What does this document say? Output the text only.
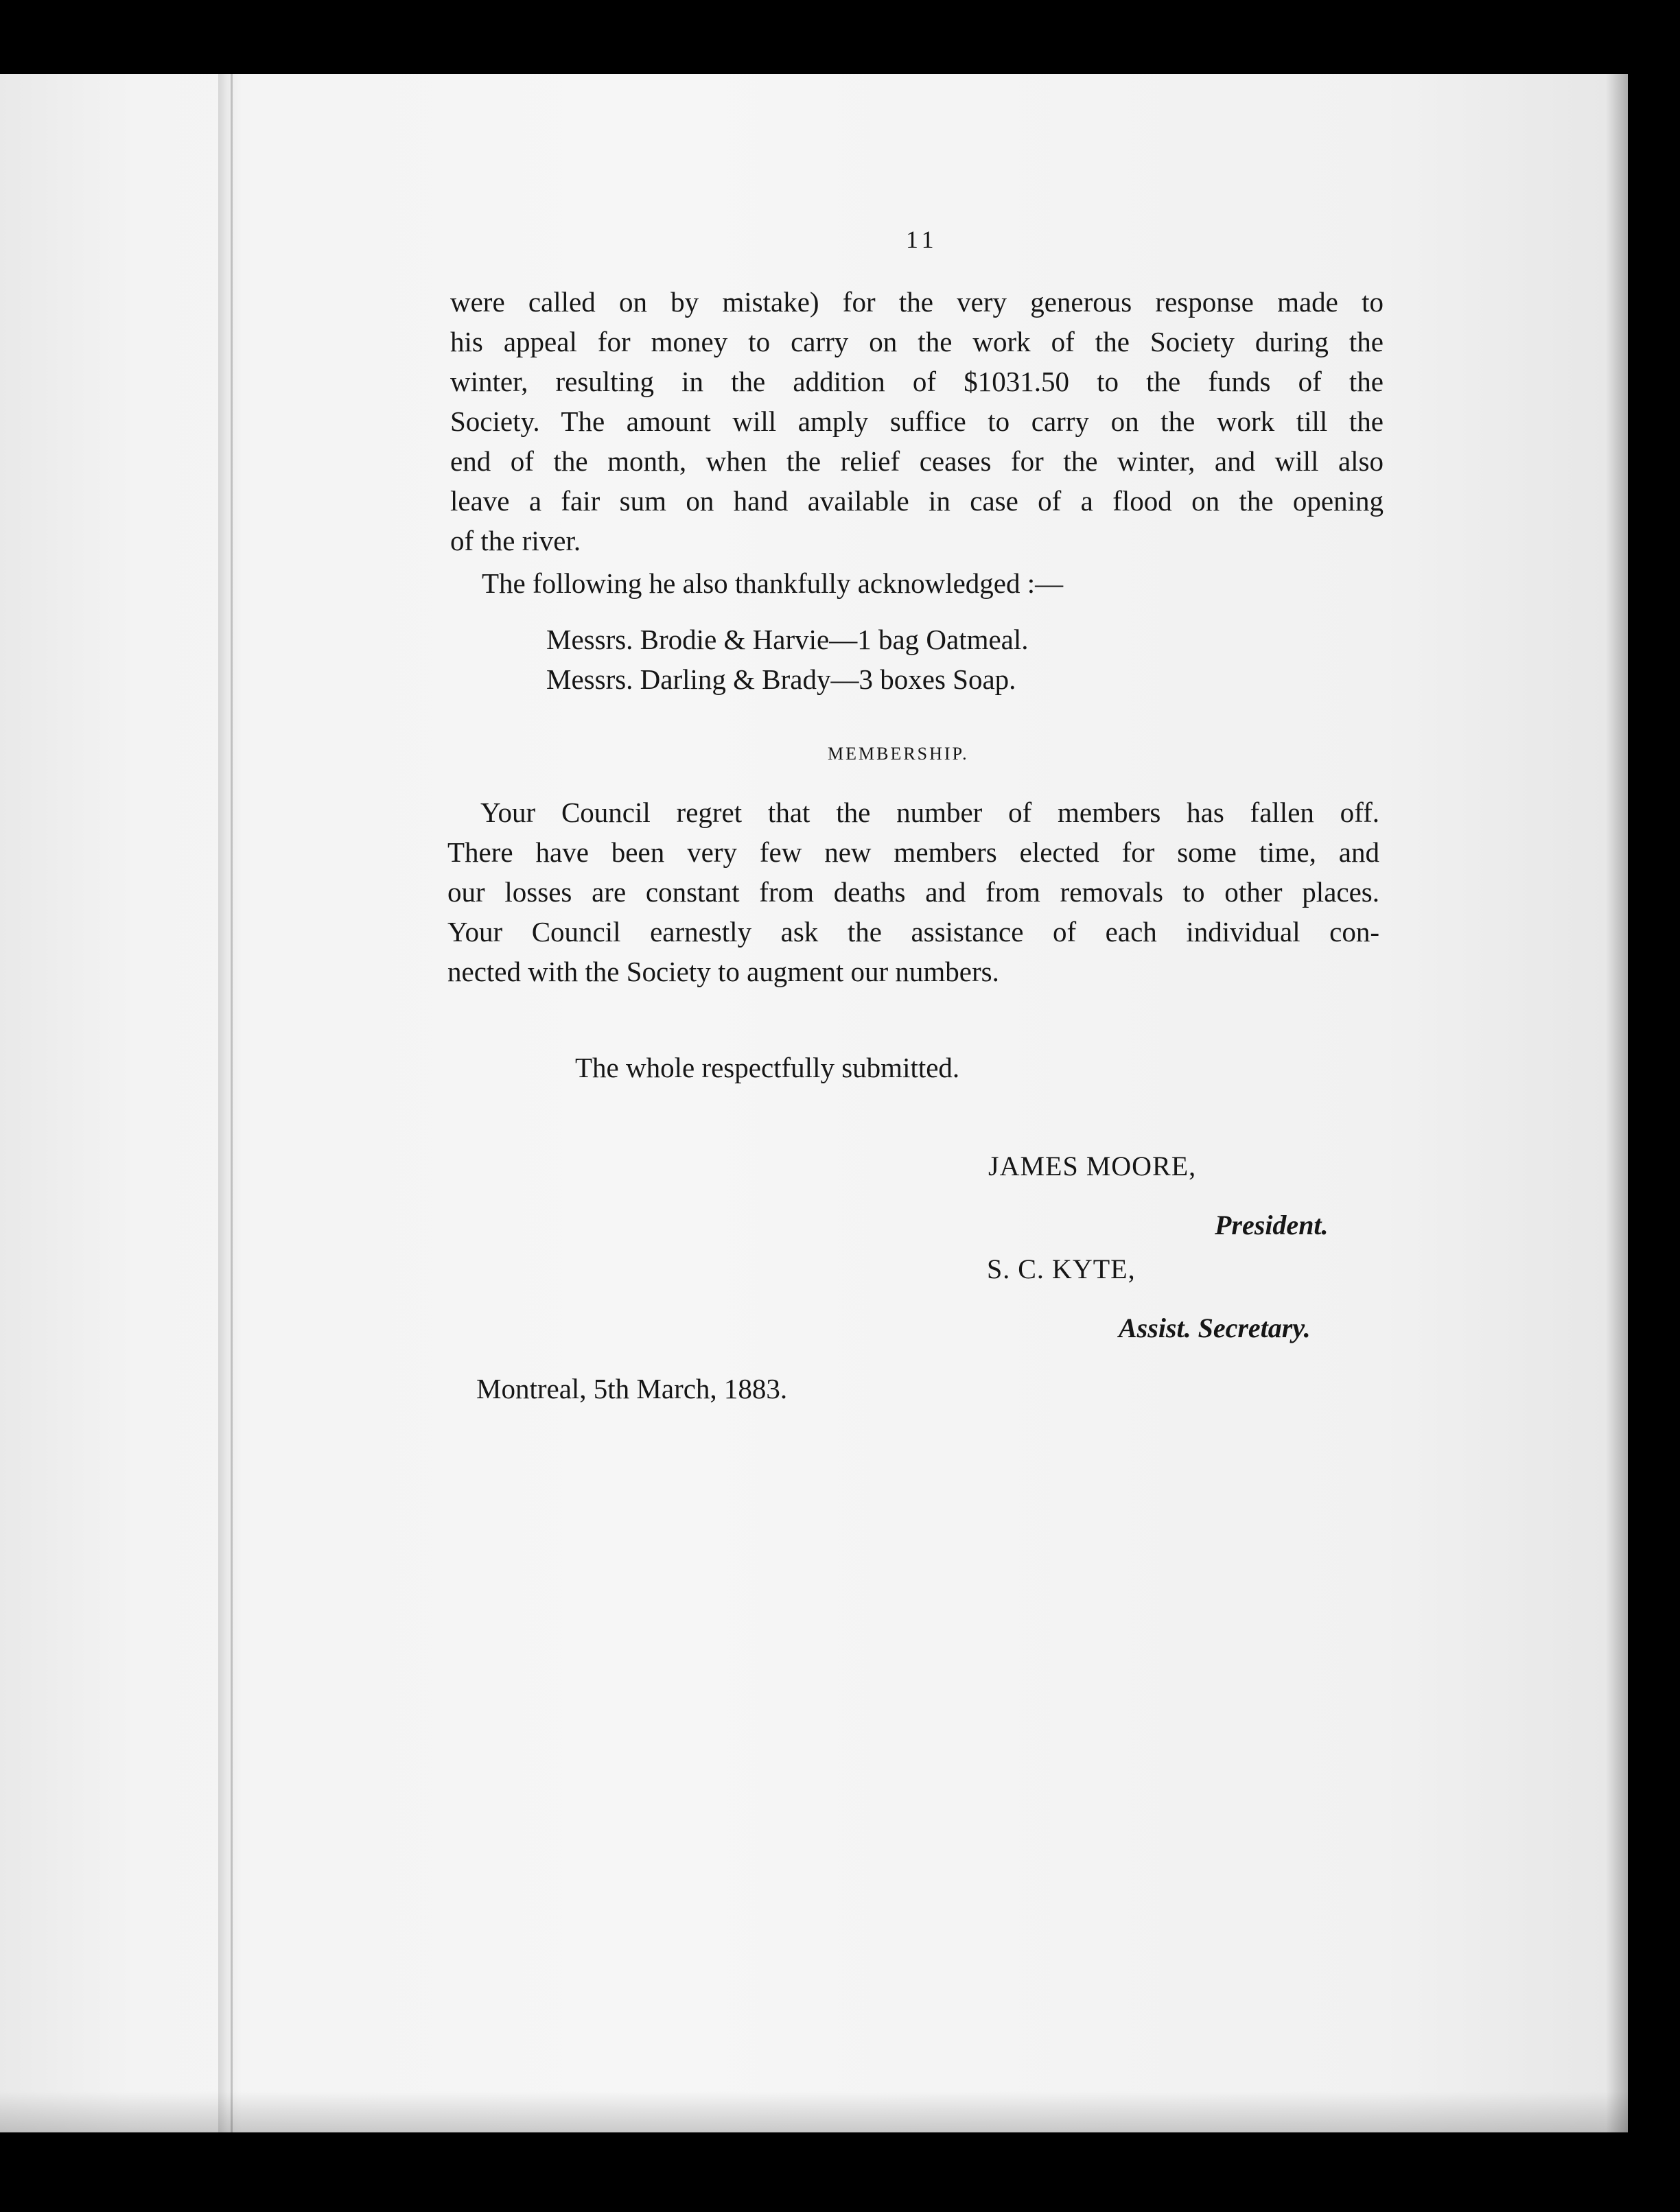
11

were called on by mistake) for the very generous response made to

his appeal for money to carry on the work of the Society during the

winter, resulting in the addition of $1031.50 to the funds of the

Society. The amount will amply suffice to carry on the work till the

end of the month, when the relief ceases for the winter, and will also

leave a fair sum on hand available in case of a flood on the opening

of the river.

The following he also thankfully acknowledged :—

Messrs. Brodie & Harvie—1 bag Oatmeal.

Messrs. Darling & Brady—3 boxes Soap.

MEMBERSHIP.

Your Council regret that the number of members has fallen off.

There have been very few new members elected for some time, and

our losses are constant from deaths and from removals to other places.

Your Council earnestly ask the assistance of each individual con-

nected with the Society to augment our numbers.

The whole respectfully submitted.

JAMES MOORE,

President.

S. C. KYTE,

Assist. Secretary.

Montreal, 5th March, 1883.
